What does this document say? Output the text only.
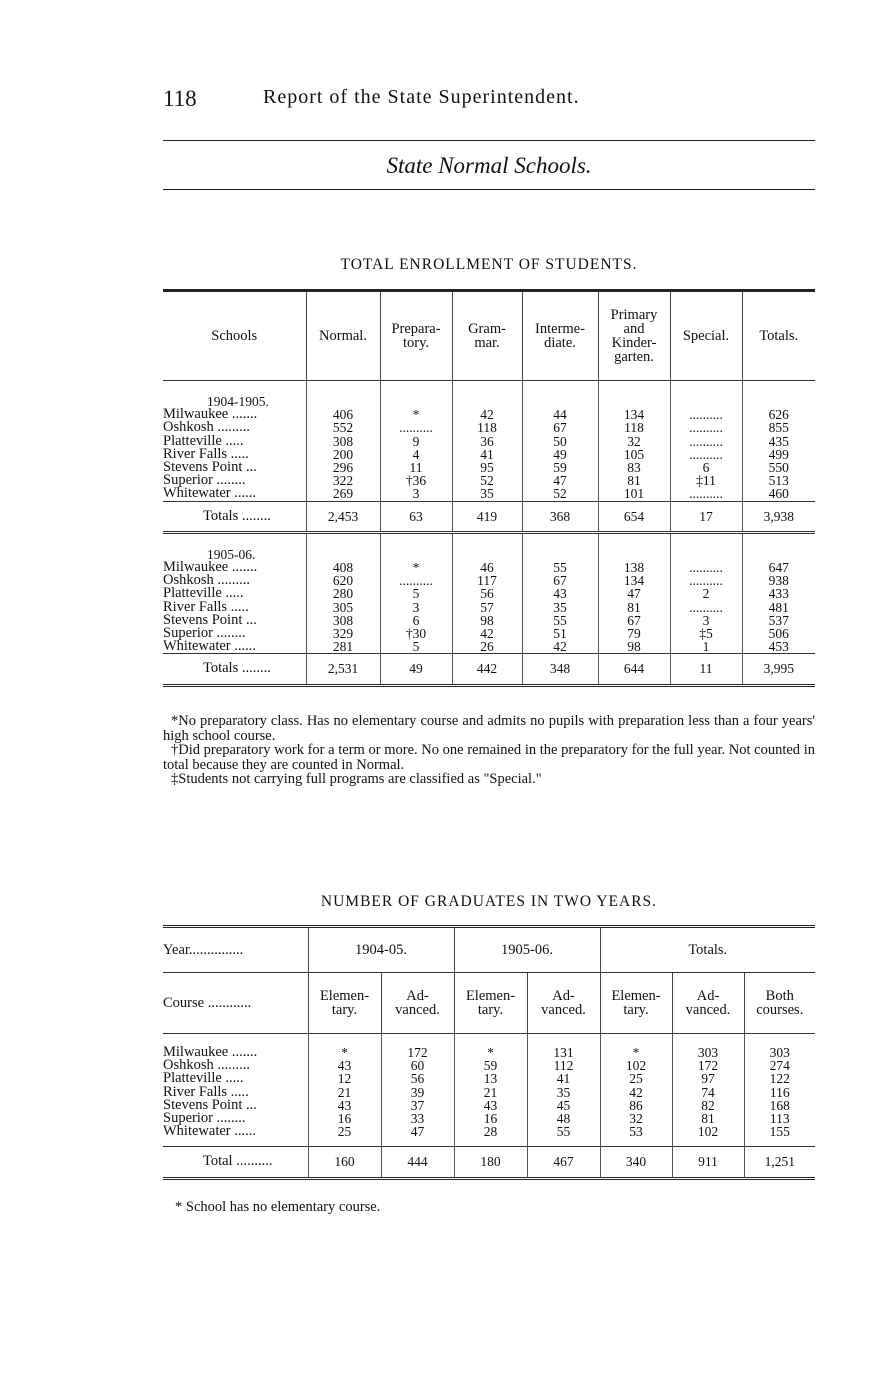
118	Report of the State Superintendent.
State Normal Schools.
TOTAL ENROLLMENT OF STUDENTS.
Schools	Normal.	Prepara-tory.	Gram-mar.	Interme-diate.	Primary and Kinder-garten.	Special.	Totals.
1904-1905.							
Milwaukee .......	406	*	42	44	134	..........	626
Oshkosh .........	552	..........	118	67	118	..........	855
Platteville .....	308	9	36	50	32	..........	435
River Falls .....	200	4	41	49	105	..........	499
Stevens Point ...	296	11	95	59	83	6	550
Superior ........	322	†36	52	47	81	‡11	513
Whitewater ......	269	3	35	52	101	..........	460
Totals ........	2,453	63	419	368	654	17	3,938
1905-06.							
Milwaukee .......	408	*	46	55	138	..........	647
Oshkosh .........	620	..........	117	67	134	..........	938
Platteville .....	280	5	56	43	47	2	433
River Falls .....	305	3	57	35	81	..........	481
Stevens Point ...	308	6	98	55	67	3	537
Superior ........	329	†30	42	51	79	‡5	506
Whitewater ......	281	5	26	42	98	1	453
Totals ........	2,531	49	442	348	644	11	3,995

*No preparatory class. Has no elementary course and admits no pupils with preparation less than a four years' high school course.

†Did preparatory work for a term or more. No one remained in the preparatory for the full year. Not counted in total because they are counted in Normal.

‡Students not carrying full programs are classified as "Special."

NUMBER OF GRADUATES IN TWO YEARS.
Year...............	1904-05.		1905-06.		Totals.		
Course ............	Elemen-tary.	Ad-vanced.	Elemen-tary.	Ad-vanced.	Elemen-tary.	Ad-vanced.	Both courses.
Milwaukee .......	*	172	*	131	*	303	303
Oshkosh .........	43	60	59	112	102	172	274
Platteville .....	12	56	13	41	25	97	122
River Falls .....	21	39	21	35	42	74	116
Stevens Point ...	43	37	43	45	86	82	168
Superior ........	16	33	16	48	32	81	113
Whitewater ......	25	47	28	55	53	102	155
Total ..........	160	444	180	467	340	911	1,251
* School has no elementary course.
